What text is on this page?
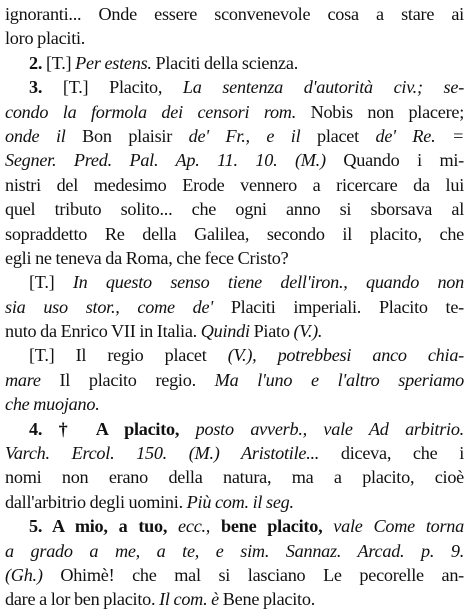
ignoranti... Onde essere sconvenevole cosa a stare ai
loro placiti.
2. [T.] Per estens. Placiti della scienza.
3. [T.] Placito, La sentenza d'autorità civ.; se-
condo la formola dei censori rom. Nobis non placere;
onde il Bon plaisir de' Fr., e il placet de' Re. =
Segner. Pred. Pal. Ap. 11. 10. (M.) Quando i mi-
nistri del medesimo Erode vennero a ricercare da lui
quel tributo solito... che ogni anno si sborsava al
sopraddetto Re della Galilea, secondo il placito, che
egli ne teneva da Roma, che fece Cristo?
[T.] In questo senso tiene dell'iron., quando non
sia uso stor., come de' Placiti imperiali. Placito te-
nuto da Enrico VII in Italia. Quindi Piato (V.).
[T.] Il regio placet (V.), potrebbesi anco chia-
mare Il placito regio. Ma l'uno e l'altro speriamo
che muojano.
4. † A placito, posto avverb., vale Ad arbitrio.
Varch. Ercol. 150. (M.) Aristotile... diceva, che i
nomi non erano della natura, ma a placito, cioè
dall'arbitrio degli uomini. Più com. il seg.
5. A mio, a tuo, ecc., bene placito, vale Come torna
a grado a me, a te, e sim. Sannaz. Arcad. p. 9.
(Gh.) Ohimè! che mal si lasciano Le pecorelle an-
dare a lor ben placito. Il com. è Bene placito.
